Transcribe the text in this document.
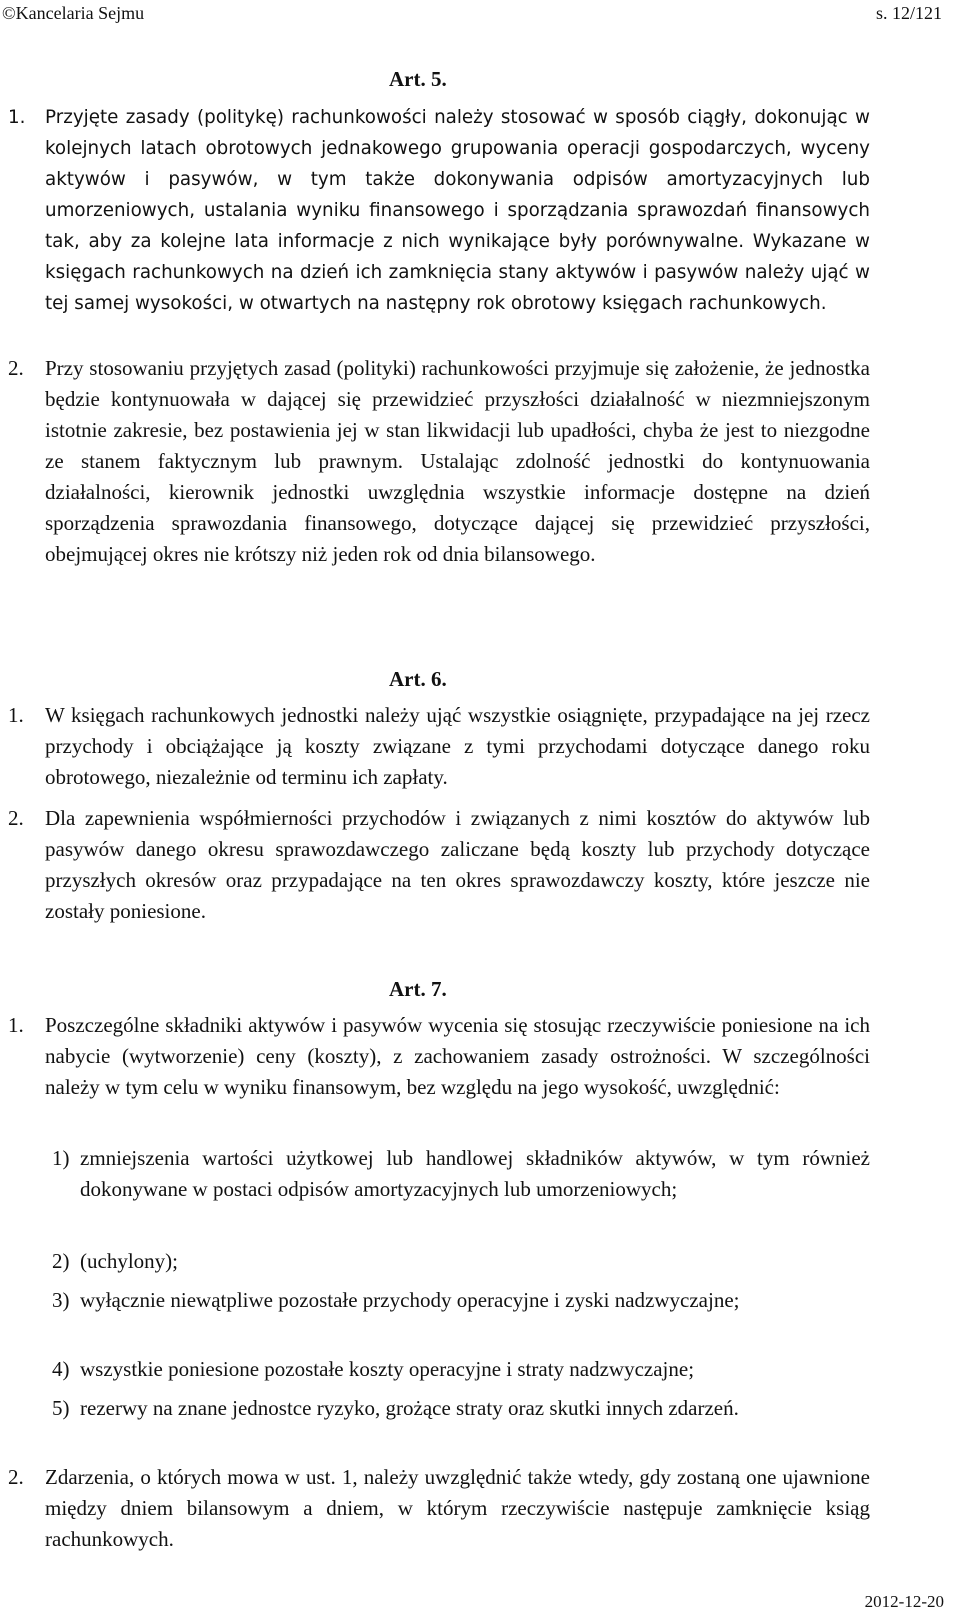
©Kancelaria Sejmu	s. 12/121
Art. 5.
1. Przyjęte zasady (politykę) rachunkowości należy stosować w sposób ciągły, dokonując w kolejnych latach obrotowych jednakowego grupowania operacji gospodarczych, wyceny aktywów i pasywów, w tym także dokonywania odpisów amortyzacyjnych lub umorzeniowych, ustalania wyniku finansowego i sporządzania sprawozdań finansowych tak, aby za kolejne lata informacje z nich wynikające były porównywalne. Wykazane w księgach rachunkowych na dzień ich zamknięcia stany aktywów i pasywów należy ująć w tej samej wysokości, w otwartych na następny rok obrotowy księgach rachunkowych.
2. Przy stosowaniu przyjętych zasad (polityki) rachunkowości przyjmuje się założenie, że jednostka będzie kontynuowała w dającej się przewidzieć przyszłości działalność w niezmniejszonym istotnie zakresie, bez postawienia jej w stan likwidacji lub upadłości, chyba że jest to niezgodne ze stanem faktycznym lub prawnym. Ustalając zdolność jednostki do kontynuowania działalności, kierownik jednostki uwzględnia wszystkie informacje dostępne na dzień sporządzenia sprawozdania finansowego, dotyczące dającej się przewidzieć przyszłości, obejmującej okres nie krótszy niż jeden rok od dnia bilansowego.
Art. 6.
1. W księgach rachunkowych jednostki należy ująć wszystkie osiągnięte, przypadające na jej rzecz przychody i obciążające ją koszty związane z tymi przychodami dotyczące danego roku obrotowego, niezależnie od terminu ich zapłaty.
2. Dla zapewnienia współmierności przychodów i związanych z nimi kosztów do aktywów lub pasywów danego okresu sprawozdawczego zaliczane będą koszty lub przychody dotyczące przyszłych okresów oraz przypadające na ten okres sprawozdawczy koszty, które jeszcze nie zostały poniesione.
Art. 7.
1. Poszczególne składniki aktywów i pasywów wycenia się stosując rzeczywiście poniesione na ich nabycie (wytworzenie) ceny (koszty), z zachowaniem zasady ostrożności. W szczególności należy w tym celu w wyniku finansowym, bez względu na jego wysokość, uwzględnić:
1) zmniejszenia wartości użytkowej lub handlowej składników aktywów, w tym również dokonywane w postaci odpisów amortyzacyjnych lub umorzeniowych;
2) (uchylony);
3) wyłącznie niewątpliwe pozostałe przychody operacyjne i zyski nadzwyczajne;
4) wszystkie poniesione pozostałe koszty operacyjne i straty nadzwyczajne;
5) rezerwy na znane jednostce ryzyko, grożące straty oraz skutki innych zdarzeń.
2. Zdarzenia, o których mowa w ust. 1, należy uwzględnić także wtedy, gdy zostaną one ujawnione między dniem bilansowym a dniem, w którym rzeczywiście następuje zamknięcie ksiąg rachunkowych.
2012-12-20
